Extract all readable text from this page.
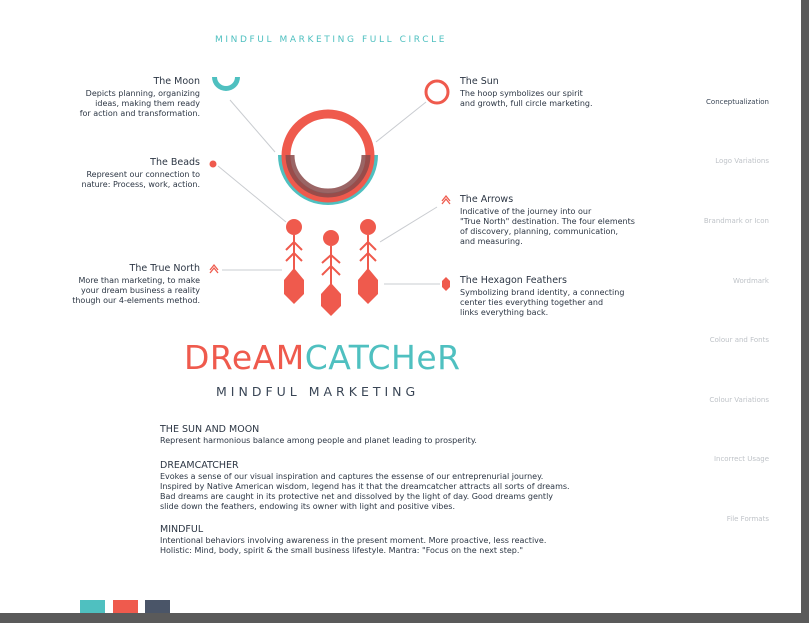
MINDFUL MARKETING FULL CIRCLE
The Moon
Depicts planning, organizing
ideas, making them ready
for action and transformation.
The Beads
Represent our connection to
nature: Process, work, action.
The True North
More than marketing, to make
your dream business a reality
though our 4-elements method.
The Sun
The hoop symbolizes our spirit
and growth, full circle marketing.
The Arrows
Indicative of the journey into our
"True North" destination. The four elements
of discovery, planning, communication,
and measuring.
The Hexagon Feathers
Symbolizing brand identity, a connecting
center ties everything together and
links everything back.
Conceptualization
Logo Variations
Brandmark or Icon
Wordmark
Colour and Fonts
Colour Variations
Incorrect Usage
File Formats
DReAMCATCHeR
MINDFUL MARKETING
THE SUN AND MOON
Represent harmonious balance among people and planet leading to prosperity.
DREAMCATCHER
Evokes a sense of our visual inspiration and captures the essense of our entreprenurial journey.
Inspired by Native American wisdom, legend has it that the dreamcatcher attracts all sorts of dreams.
Bad dreams are caught in its protective net and dissolved by the light of day. Good dreams gently
slide down the feathers, endowing its owner with light and positive vibes.
MINDFUL
Intentional behaviors involving awareness in the present moment. More proactive, less reactive.
Holistic: Mind, body, spirit & the small business lifestyle. Mantra: "Focus on the next step."
